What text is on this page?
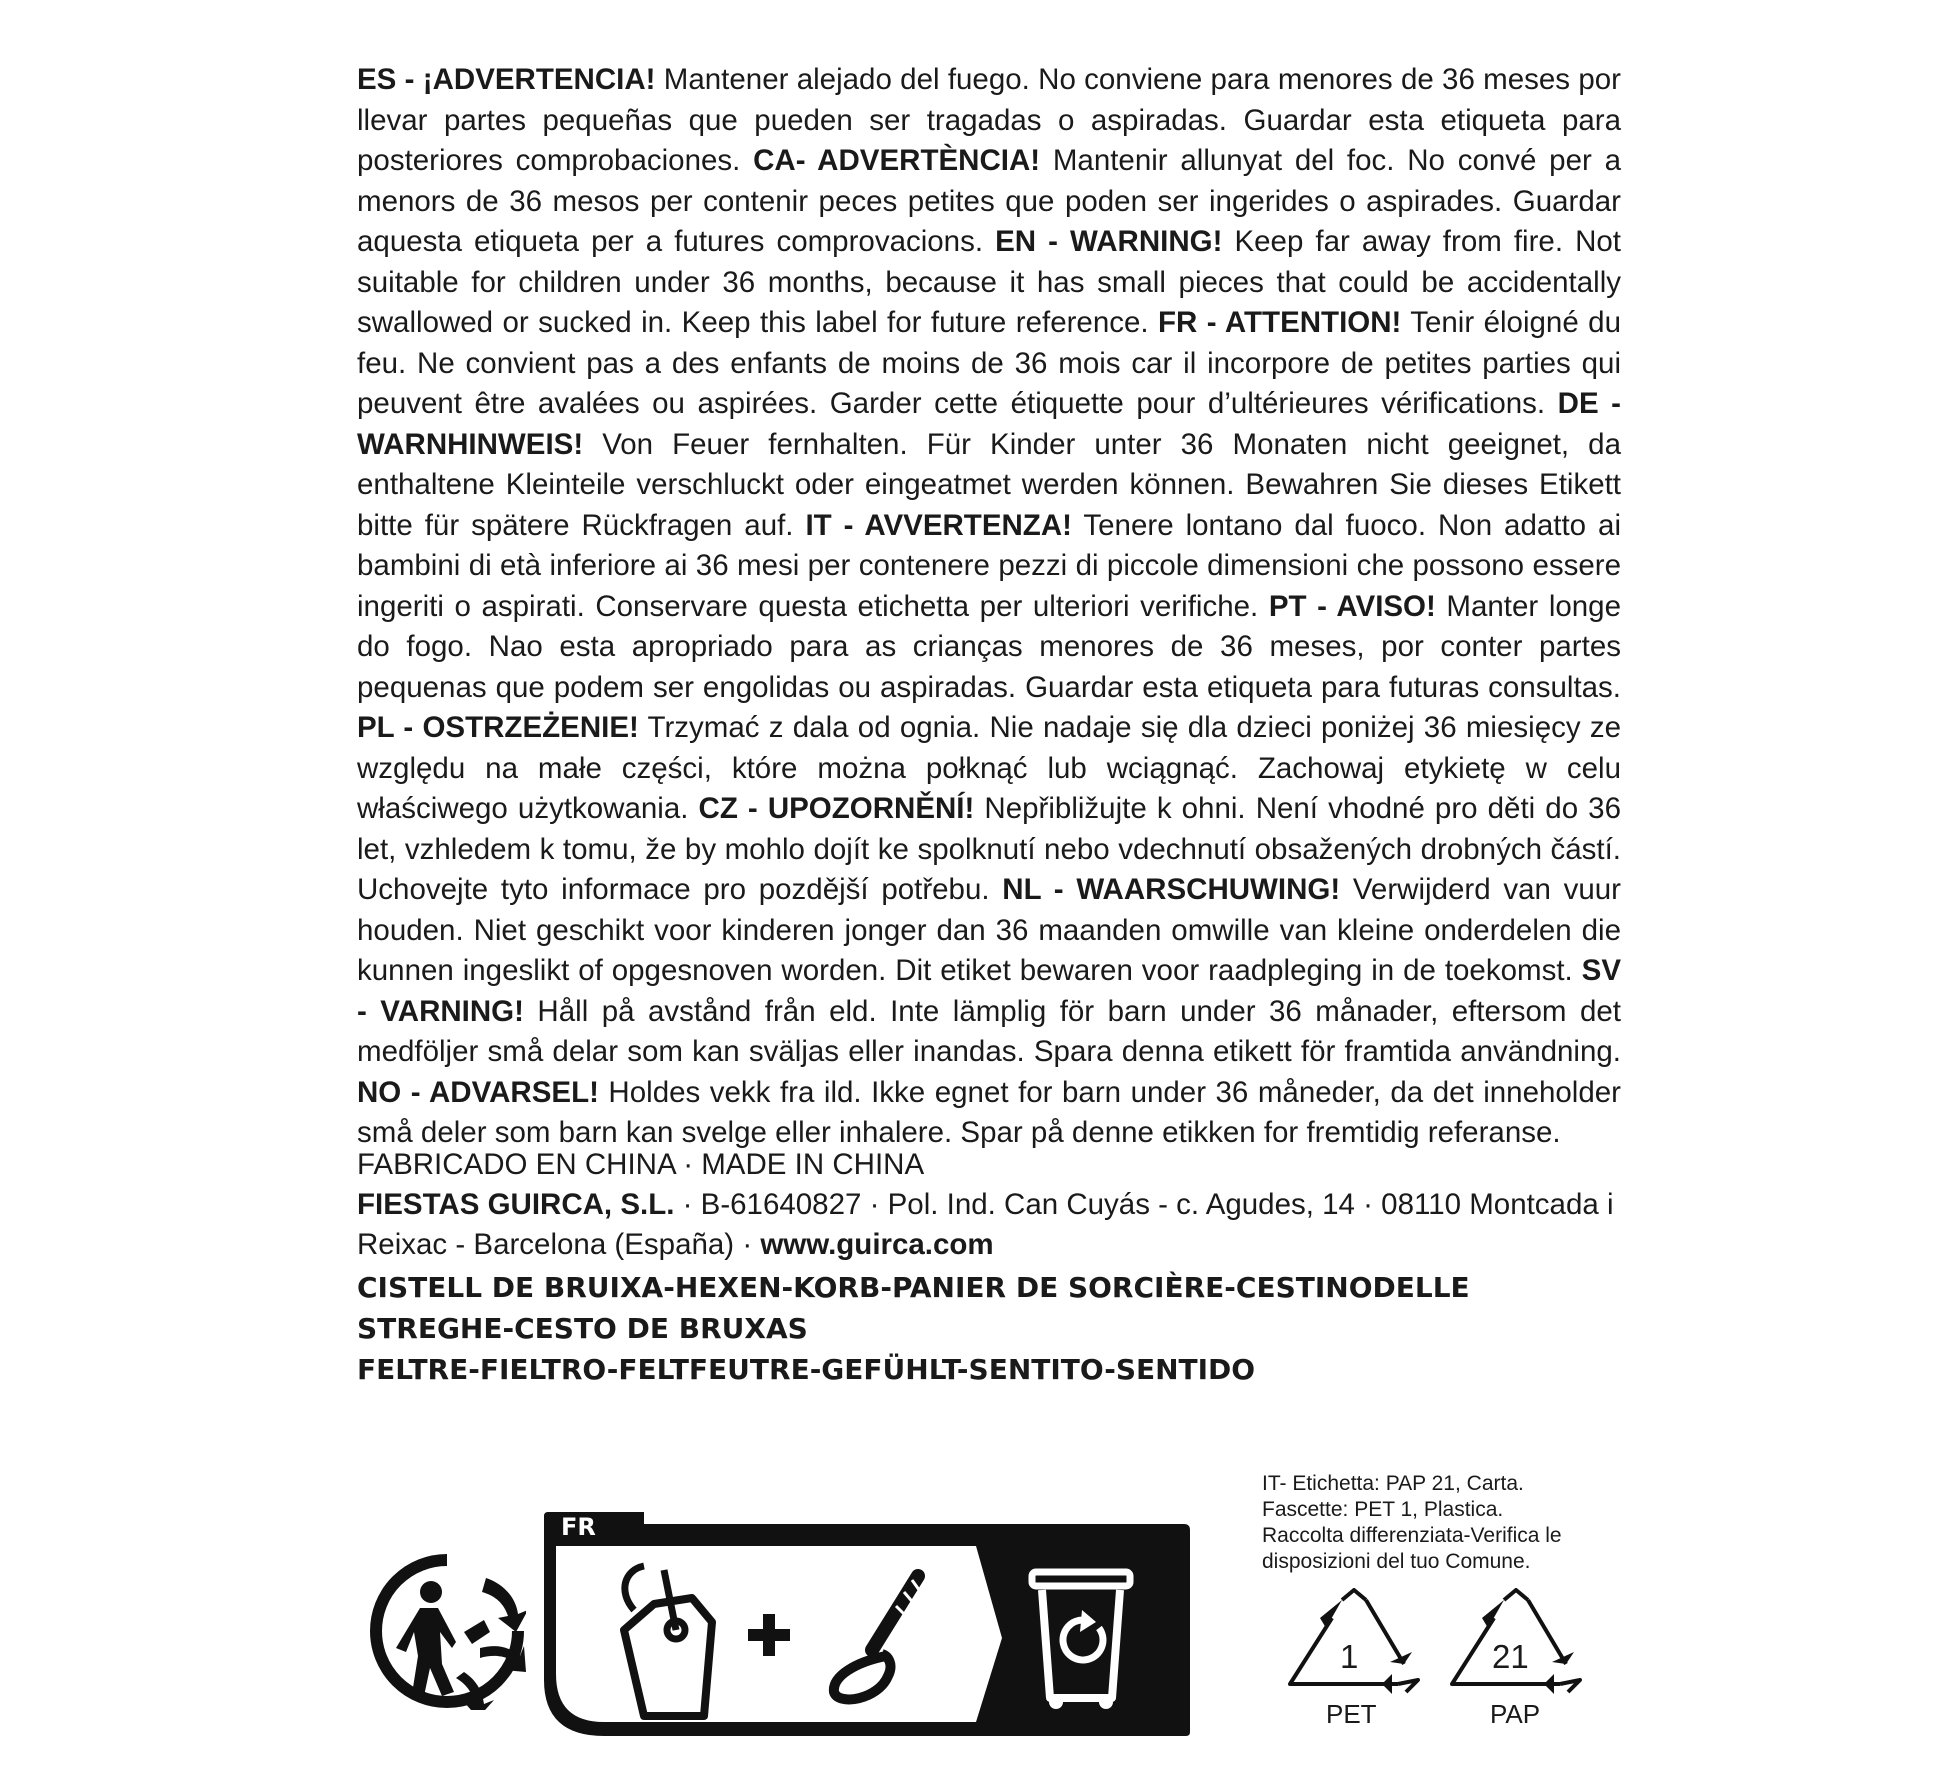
ES - ¡ADVERTENCIA! Mantener alejado del fuego. No conviene para menores de 36 meses por llevar partes pequeñas que pueden ser tragadas o aspiradas. Guardar esta etiqueta para posteriores comprobaciones. CA- ADVERTÈNCIA! Mantenir allunyat del foc. No convé per a menors de 36 mesos per contenir peces petites que poden ser ingerides o aspirades. Guardar aquesta etiqueta per a futures comprovacions. EN - WARNING! Keep far away from fire. Not suitable for children under 36 months, because it has small pieces that could be accidentally swallowed or sucked in. Keep this label for future reference. FR - ATTENTION! Tenir éloigné du feu. Ne convient pas a des enfants de moins de 36 mois car il incorpore de petites parties qui peuvent être avalées ou aspirées. Garder cette étiquette pour d’ultérieures vérifications. DE - WARNHINWEIS! Von Feuer fernhalten. Für Kinder unter 36 Monaten nicht geeignet, da enthaltene Kleinteile verschluckt oder eingeatmet werden können. Bewahren Sie dieses Etikett bitte für spätere Rückfragen auf. IT - AVVERTENZA! Tenere lontano dal fuoco. Non adatto ai bambini di età inferiore ai 36 mesi per contenere pezzi di piccole dimensioni che possono essere ingeriti o aspirati. Conservare questa etichetta per ulteriori verifiche. PT - AVISO! Manter longe do fogo. Nao esta apropriado para as crianças menores de 36 meses, por conter partes pequenas que podem ser engolidas ou aspiradas. Guardar esta etiqueta para futuras consultas. PL - OSTRZEŻENIE! Trzymać z dala od ognia. Nie nadaje się dla dzieci poniżej 36 miesięcy ze względu na małe części, które można połknąć lub wciągnąć. Zachowaj etykietę w celu właściwego użytkowania. CZ - UPOZORNĚNÍ! Nepřibližujte k ohni. Není vhodné pro děti do 36 let, vzhledem k tomu, že by mohlo dojít ke spolknutí nebo vdechnutí obsažených drobných částí. Uchovejte tyto informace pro pozdější potřebu. NL - WAARSCHUWING! Verwijderd van vuur houden. Niet geschikt voor kinderen jonger dan 36 maanden omwille van kleine onderdelen die kunnen ingeslikt of opgesnoven worden. Dit etiket bewaren voor raadpleging in de toekomst. SV - VARNING! Håll på avstånd från eld. Inte lämplig för barn under 36 månader, eftersom det medföljer små delar som kan sväljas eller inandas. Spara denna etikett för framtida användning. NO - ADVARSEL! Holdes vekk fra ild. Ikke egnet for barn under 36 måneder, da det inneholder små deler som barn kan svelge eller inhalere. Spar på denne etikken for fremtidig referanse.
FABRICADO EN CHINA · MADE IN CHINA
FIESTAS GUIRCA, S.L. · B-61640827 · Pol. Ind. Can Cuyás - c. Agudes, 14 · 08110 Montcada i Reixac - Barcelona (España) · www.guirca.com
CISTELL DE BRUIXA-HEXEN-KORB-PANIER DE SORCIÈRE-CESTINODELLE STREGHE-CESTO DE BRUXAS
FELTRE-FIELTRO-FELTFEUTRE-GEFÜHLT-SENTITO-SENTIDO
FR
IT- Etichetta: PAP 21, Carta.
Fascette: PET 1, Plastica.
Raccolta differenziata-Verifica le disposizioni del tuo Comune.
1
PET
21
PAP
